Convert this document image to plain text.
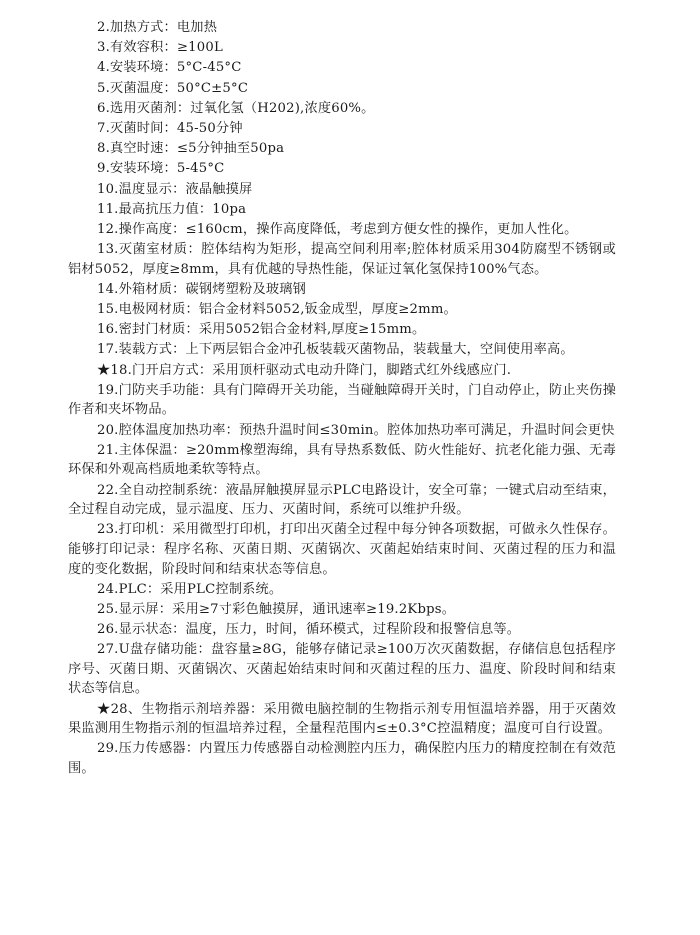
2.加热方式：电加热

3.有效容积：≥100L

4.安装环境：5°C-45°C

5.灭菌温度：50°C±5°C

6.选用灭菌剂：过氧化氢（H202),浓度60%。

7.灭菌时间：45-50分钟

8.真空时速：≤5分钟抽至50pa

9.安装环境：5-45°C

10.温度显示：液晶触摸屏

11.最高抗压力值：10pa

12.操作高度：≤160cm，操作高度降低，考虑到方便女性的操作，更加人性化。

13.灭菌室材质：腔体结构为矩形，提高空间利用率;腔体材质采用304防腐型不锈钢或铝材5052，厚度≥8mm，具有优越的导热性能，保证过氧化氢保持100%气态。

14.外箱材质：碳钢烤塑粉及玻璃钢

15.电极网材质：铝合金材料5052,钣金成型，厚度≥2mm。

16.密封门材质：采用5052铝合金材料,厚度≥15mm。

17.装载方式：上下两层铝合金冲孔板装载灭菌物品，装载量大，空间使用率高。

★18.门开启方式：采用顶杆驱动式电动升降门，脚踏式红外线感应门.

19.门防夹手功能：具有门障碍开关功能，当碰触障碍开关时，门自动停止，防止夹伤操作者和夹坏物品。

20.腔体温度加热功率：预热升温时间≤30min。腔体加热功率可满足，升温时间会更快

21.主体保温：≥20mm橡塑海绵，具有导热系数低、防火性能好、抗老化能力强、无毒环保和外观高档质地柔软等特点。

22.全自动控制系统：液晶屏触摸屏显示PLC电路设计，安全可靠；一键式启动至结束，全过程自动完成，显示温度、压力、灭菌时间，系统可以维护升级。

23.打印机：采用微型打印机，打印出灭菌全过程中每分钟各项数据，可做永久性保存。能够打印记录：程序名称、灭菌日期、灭菌锅次、灭菌起始结束时间、灭菌过程的压力和温度的变化数据，阶段时间和结束状态等信息。

24.PLC：采用PLC控制系统。

25.显示屏：采用≥7寸彩色触摸屏，通讯速率≥19.2Kbps。

26.显示状态：温度，压力，时间，循环模式，过程阶段和报警信息等。

27.U盘存储功能：盘容量≥8G，能够存储记录≥100万次灭菌数据，存储信息包括程序序号、灭菌日期、灭菌锅次、灭菌起始结束时间和灭菌过程的压力、温度、阶段时间和结束状态等信息。

★28、生物指示剂培养器：采用微电脑控制的生物指示剂专用恒温培养器，用于灭菌效果监测用生物指示剂的恒温培养过程，全量程范围内≤±0.3°C控温精度；温度可自行设置。

29.压力传感器：内置压力传感器自动检测腔内压力，确保腔内压力的精度控制在有效范围。
